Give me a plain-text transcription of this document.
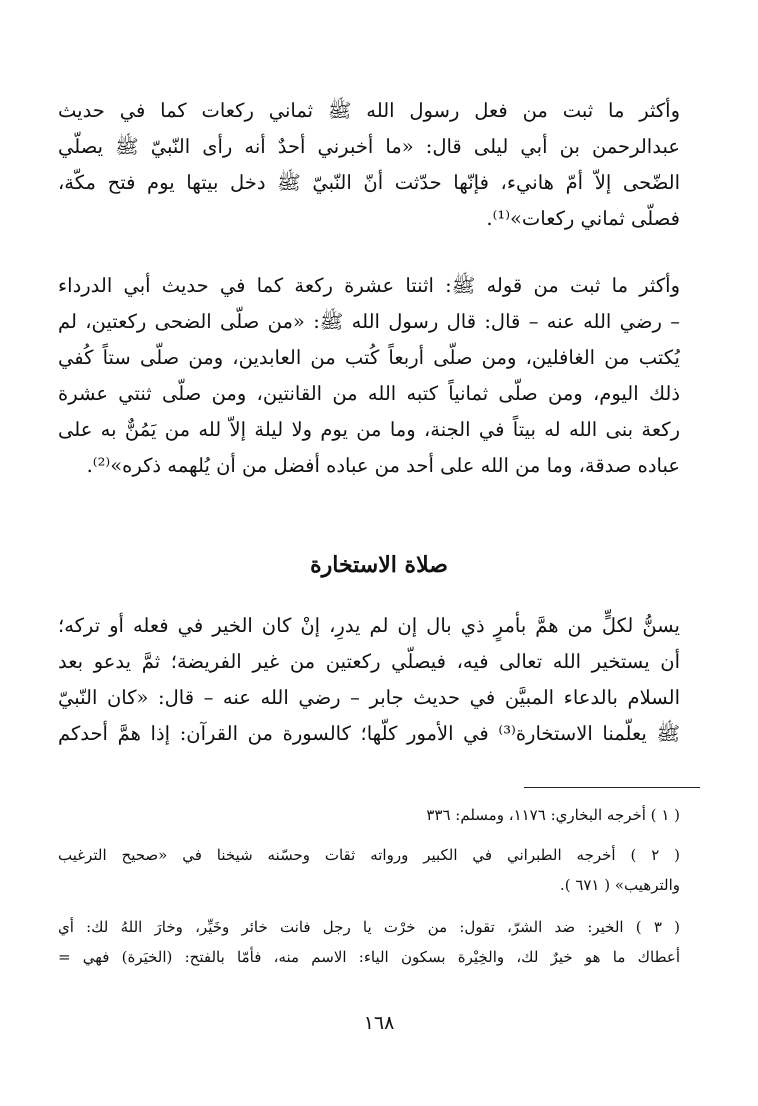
وأكثر ما ثبت من فعل رسول الله ﷺ ثماني ركعات كما في حديث
عبدالرحمن بن أبي ليلى قال: «ما أخبرني أحدٌ أنه رأى النّبيّ ﷺ يصلّي
الضّحى إلاّ أمّ هانيء، فإنّها حدّثت أنّ النّبيّ ﷺ دخل بيتها يوم فتح مكّة،
فصلّى ثماني ركعات»⁽¹⁾.
وأكثر ما ثبت من قوله ﷺ: اثنتا عشرة ركعة كما في حديث أبي الدرداء
– رضي الله عنه – قال: قال رسول الله ﷺ: «من صلّى الضحى ركعتين، لم
يُكتب من الغافلين، ومن صلّى أربعاً كُتب من العابدين، ومن صلّى ستاً كُفي
ذلك اليوم، ومن صلّى ثمانياً كتبه الله من القانتين، ومن صلّى ثنتي عشرة
ركعة بنى الله له بيتاً في الجنة، وما من يوم ولا ليلة إلاّ لله من يَمُنٌّ به على
عباده صدقة، وما من الله على أحد من عباده أفضل من أن يُلهمه ذكره»⁽²⁾.
صلاة الاستخارة
يسنُّ لكلٍّ من همَّ بأمرٍ ذي بال إن لم يدرِ، إنْ كان الخير في فعله أو تركه؛
أن يستخير الله تعالى فيه، فيصلّي ركعتين من غير الفريضة؛ ثمَّ يدعو بعد
السلام بالدعاء المبيَّن في حديث جابر – رضي الله عنه – قال: «كان النّبيّ
ﷺ يعلّمنا الاستخارة⁽³⁾ في الأمور كلّها؛ كالسورة من القرآن: إذا همَّ أحدكم
( ١ ) أخرجه البخاري: ١١٧٦، ومسلم: ٣٣٦
( ٢ ) أخرجه الطبراني في الكبير ورواته ثقات وحسّنه شيخنا في «صحيح الترغيب
والترهيب» ( ٦٧١ ).
( ٣ ) الخير: ضد الشرّ، تقول: من خرْت يا رجل فانت خائر وخَيِّر، وخارَ اللهُ لك: أي
أعطاك ما هو خيرٌ لك، والخِيْرة بسكون الياء: الاسم منه، فأمّا بالفتح: (الخيَرة) فهي =
١٦٨
